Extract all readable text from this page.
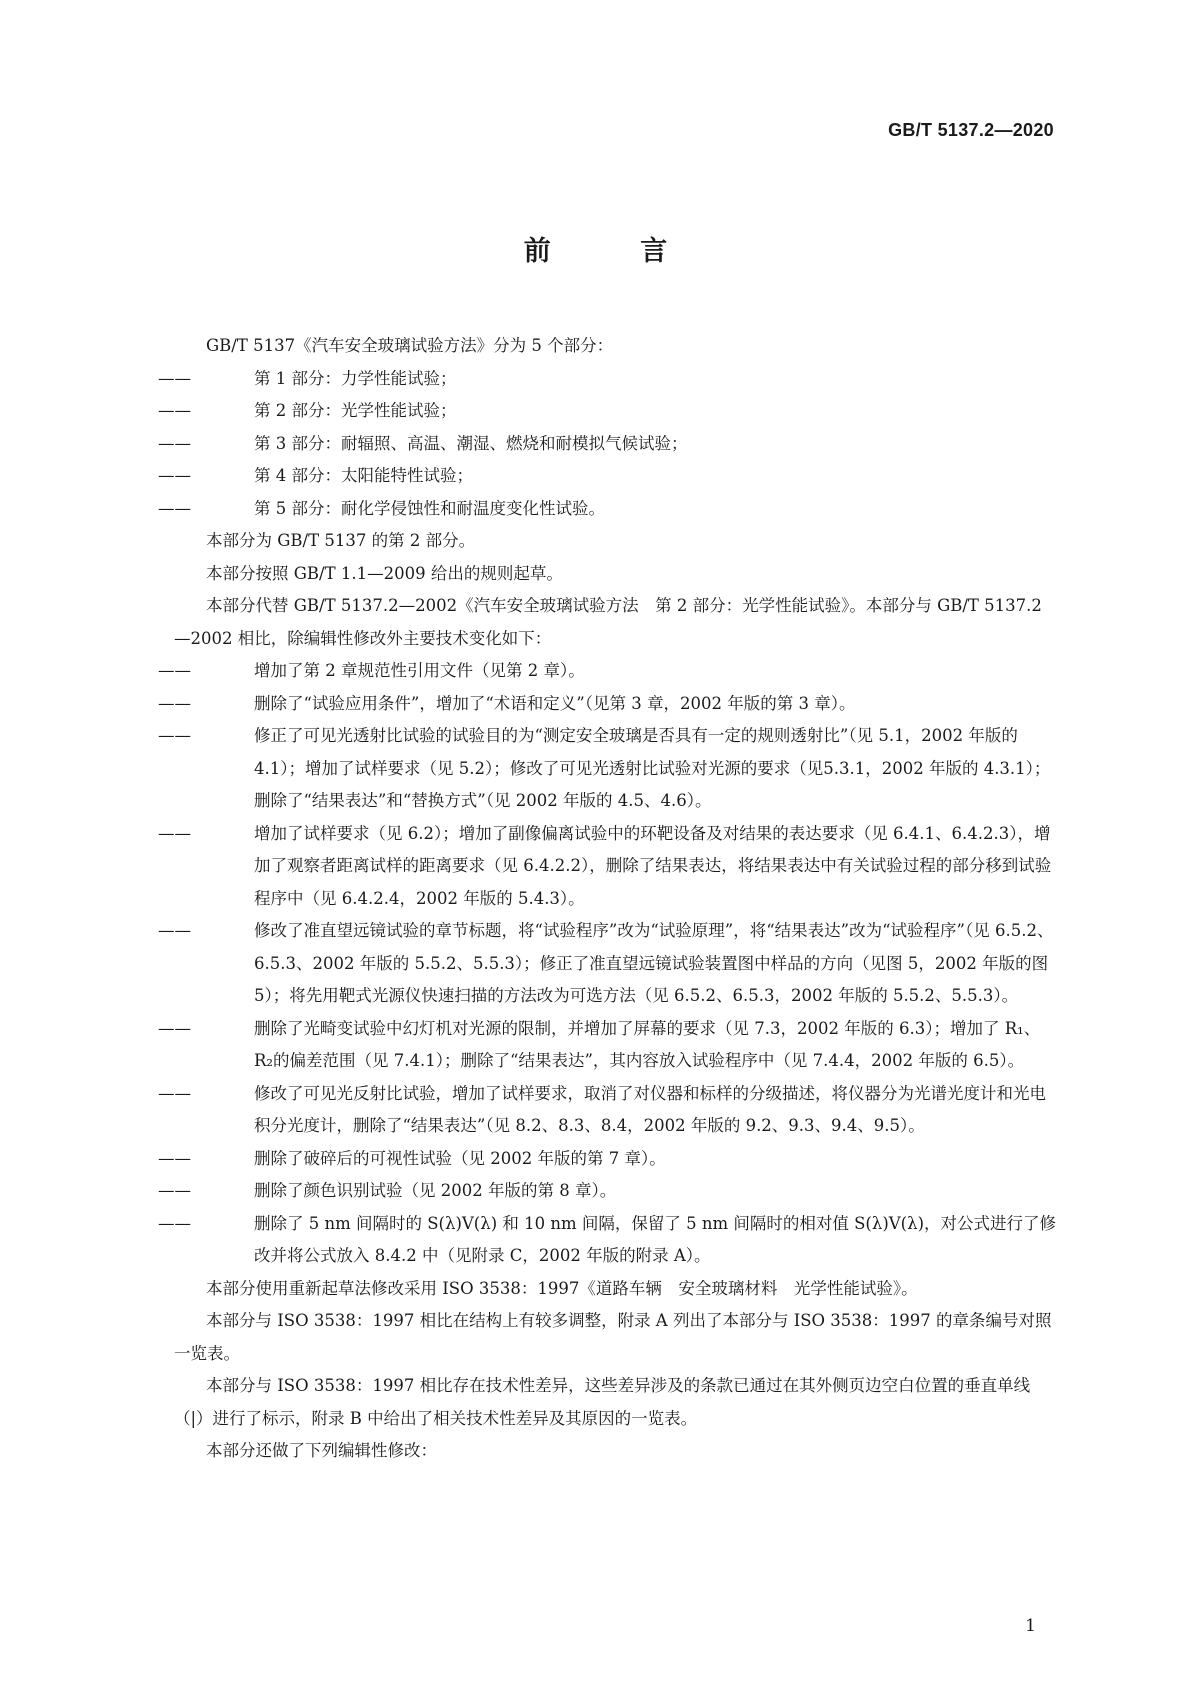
GB/T 5137.2—2020
前 言
GB/T 5137《汽车安全玻璃试验方法》分为 5 个部分：
——	第 1 部分：力学性能试验；
——	第 2 部分：光学性能试验；
——	第 3 部分：耐辐照、高温、潮湿、燃烧和耐模拟气候试验；
——	第 4 部分：太阳能特性试验；
——	第 5 部分：耐化学侵蚀性和耐温度变化性试验。
本部分为 GB/T 5137 的第 2 部分。
本部分按照 GB/T 1.1—2009 给出的规则起草。
本部分代替 GB/T 5137.2—2002《汽车安全玻璃试验方法　第 2 部分：光学性能试验》。本部分与 GB/T 5137.2—2002 相比，除编辑性修改外主要技术变化如下：
——	增加了第 2 章规范性引用文件（见第 2 章）。
——	删除了“试验应用条件”，增加了“术语和定义”（见第 3 章，2002 年版的第 3 章）。
——	修正了可见光透射比试验的试验目的为“测定安全玻璃是否具有一定的规则透射比”（见 5.1，2002 年版的 4.1）；增加了试样要求（见 5.2）；修改了可见光透射比试验对光源的要求（见5.3.1，2002 年版的 4.3.1）；删除了“结果表达”和“替换方式”（见 2002 年版的 4.5、4.6）。
——	增加了试样要求（见 6.2）；增加了副像偏离试验中的环靶设备及对结果的表达要求（见 6.4.1、6.4.2.3），增加了观察者距离试样的距离要求（见 6.4.2.2），删除了结果表达，将结果表达中有关试验过程的部分移到试验程序中（见 6.4.2.4，2002 年版的 5.4.3）。
——	修改了准直望远镜试验的章节标题，将“试验程序”改为“试验原理”，将“结果表达”改为“试验程序”（见 6.5.2、6.5.3、2002 年版的 5.5.2、5.5.3）；修正了准直望远镜试验装置图中样品的方向（见图 5，2002 年版的图 5）；将先用靶式光源仪快速扫描的方法改为可选方法（见 6.5.2、6.5.3，2002 年版的 5.5.2、5.5.3）。
——	删除了光畸变试验中幻灯机对光源的限制，并增加了屏幕的要求（见 7.3，2002 年版的 6.3）；增加了 R₁、R₂的偏差范围（见 7.4.1）；删除了“结果表达”，其内容放入试验程序中（见 7.4.4，2002 年版的 6.5）。
——	修改了可见光反射比试验，增加了试样要求，取消了对仪器和标样的分级描述，将仪器分为光谱光度计和光电积分光度计，删除了“结果表达”（见 8.2、8.3、8.4，2002 年版的 9.2、9.3、9.4、9.5）。
——	删除了破碎后的可视性试验（见 2002 年版的第 7 章）。
——	删除了颜色识别试验（见 2002 年版的第 8 章）。
——	删除了 5 nm 间隔时的 S(λ)V(λ) 和 10 nm 间隔，保留了 5 nm 间隔时的相对值 S(λ)V(λ)，对公式进行了修改并将公式放入 8.4.2 中（见附录 C，2002 年版的附录 A）。
本部分使用重新起草法修改采用 ISO 3538：1997《道路车辆　安全玻璃材料　光学性能试验》。
本部分与 ISO 3538：1997 相比在结构上有较多调整，附录 A 列出了本部分与 ISO 3538：1997 的章条编号对照一览表。
本部分与 ISO 3538：1997 相比存在技术性差异，这些差异涉及的条款已通过在其外侧页边空白位置的垂直单线（|）进行了标示，附录 B 中给出了相关技术性差异及其原因的一览表。
本部分还做了下列编辑性修改：
1
